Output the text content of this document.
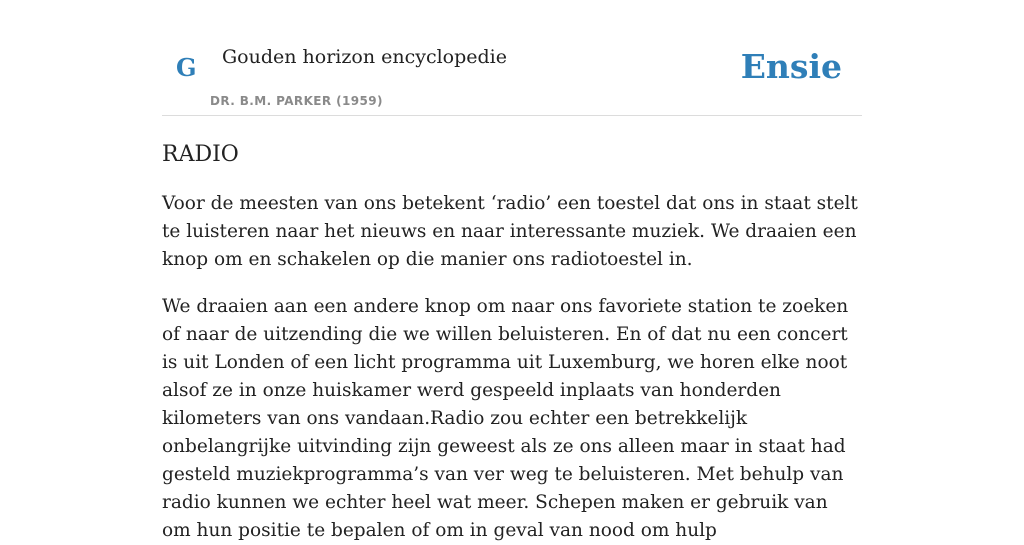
G Gouden horizon encyclopedie
DR. B.M. PARKER (1959)
Ensie
RADIO

Voor de meesten van ons betekent ‘radio’ een toestel dat ons in staat stelt te luisteren naar het nieuws en naar interessante muziek. We draaien een knop om en schakelen op die manier ons radiotoestel in.

We draaien aan een andere knop om naar ons favoriete station te zoeken of naar de uitzending die we willen beluisteren. En of dat nu een concert is uit Londen of een licht programma uit Luxemburg, we horen elke noot alsof ze in onze huiskamer werd gespeeld inplaats van honderden kilometers van ons vandaan.Radio zou echter een betrekkelijk onbelangrijke uitvinding zijn geweest als ze ons alleen maar in staat had gesteld muziekprogramma’s van ver weg te beluisteren. Met behulp van radio kunnen we echter heel wat meer. Schepen maken er gebruik van om hun positie te bepalen of om in geval van nood om hulp
